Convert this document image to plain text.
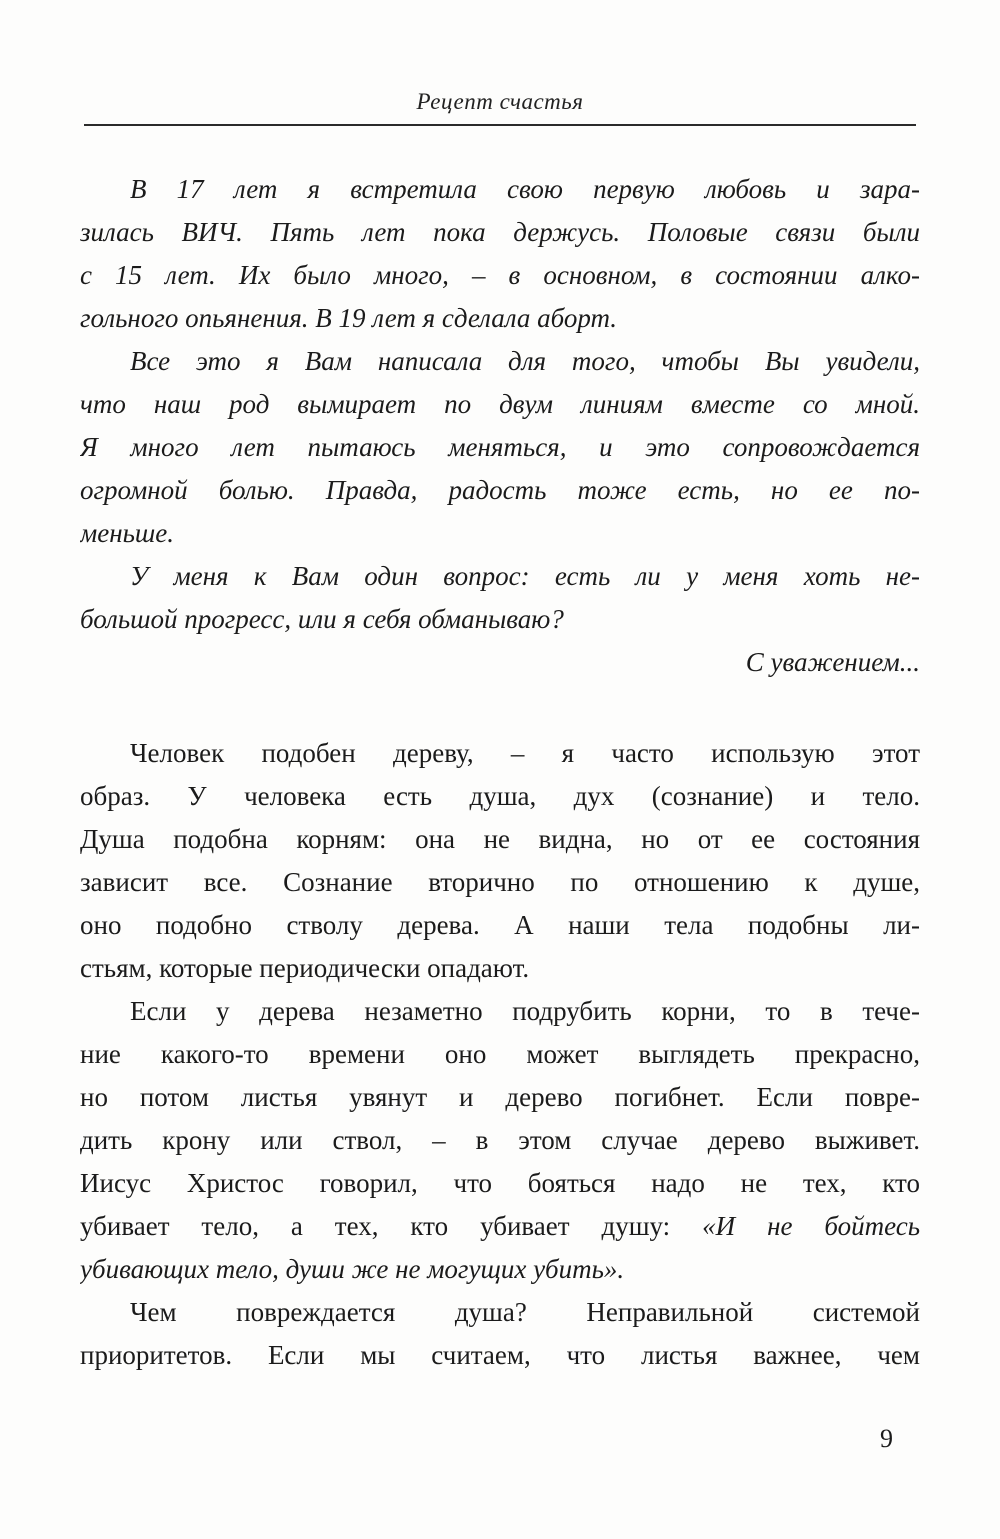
Рецепт счастья
В 17 лет я встретила свою первую любовь и зара-
зилась ВИЧ. Пять лет пока держусь. Половые связи были
с 15 лет. Их было много, – в основном, в состоянии алко-
гольного опьянения. В 19 лет я сделала аборт.
Все это я Вам написала для того, чтобы Вы увидели,
что наш род вымирает по двум линиям вместе со мной.
Я много лет пытаюсь меняться, и это сопровождается
огромной болью. Правда, радость тоже есть, но ее по-
меньше.
У меня к Вам один вопрос: есть ли у меня хоть не-
большой прогресс, или я себя обманываю?
С уважением...
Человек подобен дереву, – я часто использую этот
образ. У человека есть душа, дух (сознание) и тело.
Душа подобна корням: она не видна, но от ее состояния
зависит все. Сознание вторично по отношению к душе,
оно подобно стволу дерева. А наши тела подобны ли-
стьям, которые периодически опадают.
Если у дерева незаметно подрубить корни, то в тече-
ние какого-то времени оно может выглядеть прекрасно,
но потом листья увянут и дерево погибнет. Если повре-
дить крону или ствол, – в этом случае дерево выживет.
Иисус Христос говорил, что бояться надо не тех, кто
убивает тело, а тех, кто убивает душу: «И не бойтесь
убивающих тело, души же не могущих убить».
Чем повреждается душа? Неправильной системой
приоритетов. Если мы считаем, что листья важнее, чем
9
